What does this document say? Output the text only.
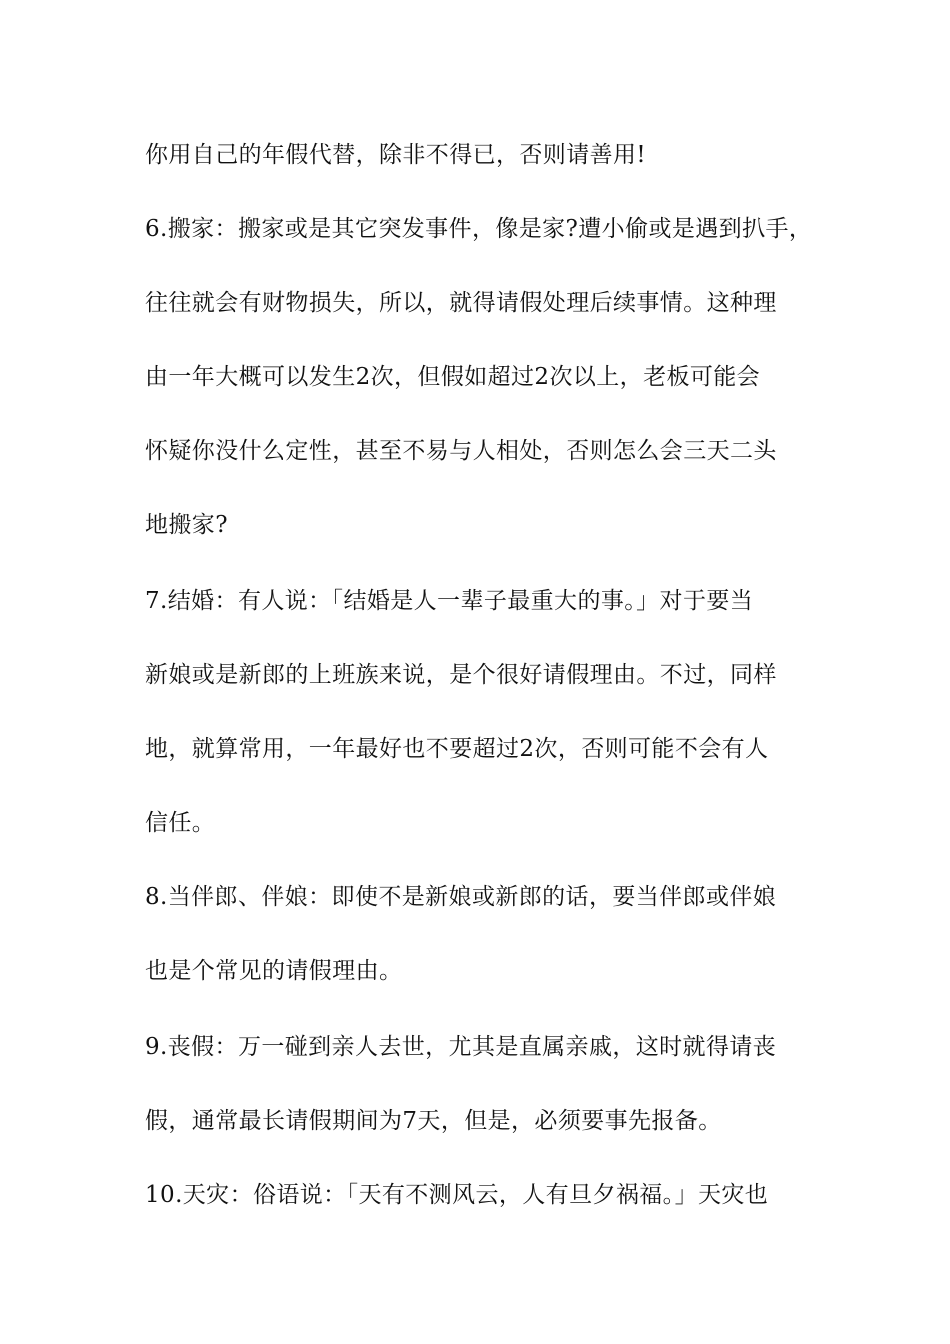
你用自己的年假代替，除非不得已，否则请善用!

6.搬家：搬家或是其它突发事件，像是家?遭小偷或是遇到扒手，

往往就会有财物损失，所以，就得请假处理后续事情。这种理

由一年大概可以发生2次，但假如超过2次以上，老板可能会

怀疑你没什么定性，甚至不易与人相处，否则怎么会三天二头

地搬家?

7.结婚：有人说：「结婚是人一辈子最重大的事。」对于要当

新娘或是新郎的上班族来说，是个很好请假理由。不过，同样

地，就算常用，一年最好也不要超过2次，否则可能不会有人

信任。

8.当伴郎、伴娘：即使不是新娘或新郎的话，要当伴郎或伴娘

也是个常见的请假理由。

9.丧假：万一碰到亲人去世，尤其是直属亲戚，这时就得请丧

假，通常最长请假期间为7天，但是，必须要事先报备。

10.天灾：俗语说：「天有不测风云，人有旦夕祸福。」天灾也
